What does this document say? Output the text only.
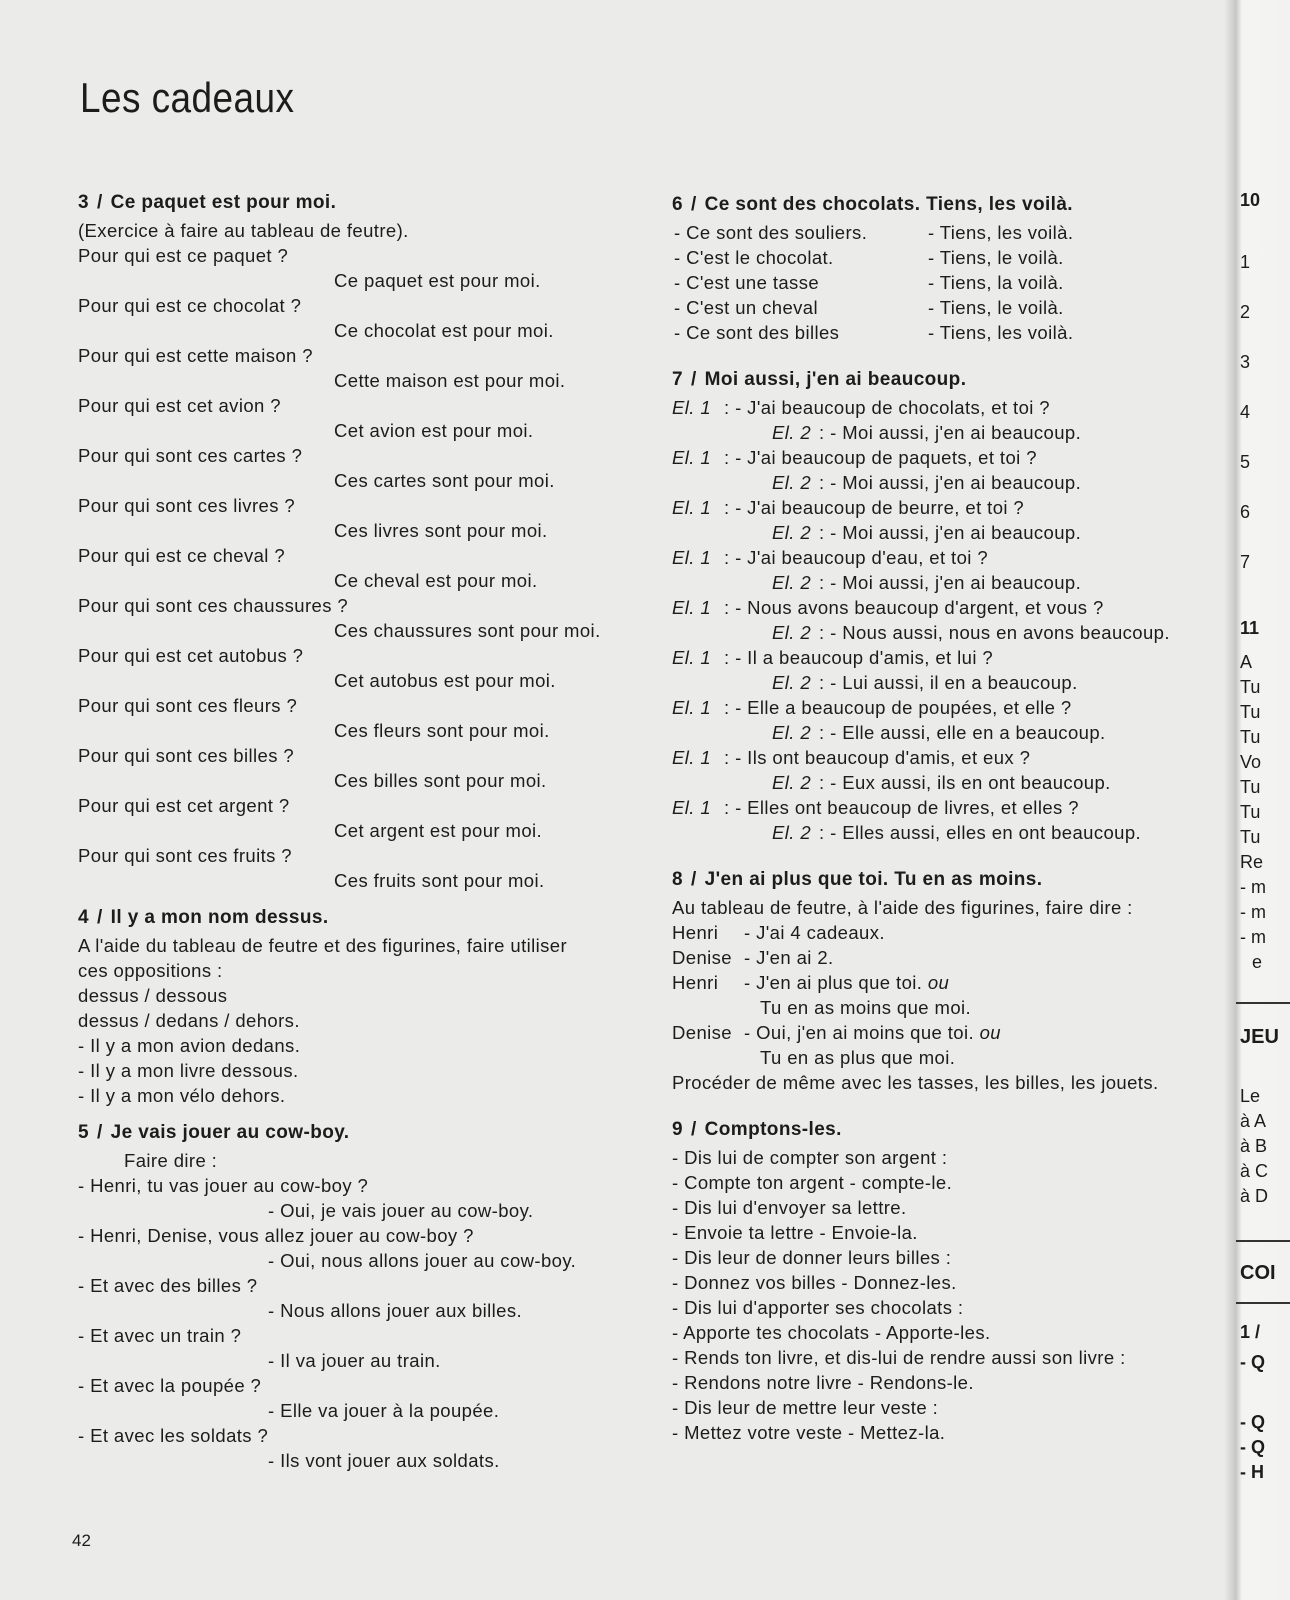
Les cadeaux
3 / Ce paquet est pour moi.
(Exercice à faire au tableau de feutre).
Pour qui est ce paquet ?
Ce paquet est pour moi.
Pour qui est ce chocolat ?
Ce chocolat est pour moi.
Pour qui est cette maison ?
Cette maison est pour moi.
Pour qui est cet avion ?
Cet avion est pour moi.
Pour qui sont ces cartes ?
Ces cartes sont pour moi.
Pour qui sont ces livres ?
Ces livres sont pour moi.
Pour qui est ce cheval ?
Ce cheval est pour moi.
Pour qui sont ces chaussures ?
Ces chaussures sont pour moi.
Pour qui est cet autobus ?
Cet autobus est pour moi.
Pour qui sont ces fleurs ?
Ces fleurs sont pour moi.
Pour qui sont ces billes ?
Ces billes sont pour moi.
Pour qui est cet argent ?
Cet argent est pour moi.
Pour qui sont ces fruits ?
Ces fruits sont pour moi.
4 / Il y a mon nom dessus.
A l'aide du tableau de feutre et des figurines, faire utiliser
ces oppositions :
dessus / dessous
dessus / dedans / dehors.
- Il y a mon avion dedans.
- Il y a mon livre dessous.
- Il y a mon vélo dehors.
5 / Je vais jouer au cow-boy.
Faire dire :
- Henri, tu vas jouer au cow-boy ?
- Oui, je vais jouer au cow-boy.
- Henri, Denise, vous allez jouer au cow-boy ?
- Oui, nous allons jouer au cow-boy.
- Et avec des billes ?
- Nous allons jouer aux billes.
- Et avec un train ?
- Il va jouer au train.
- Et avec la poupée ?
- Elle va jouer à la poupée.
- Et avec les soldats ?
- Ils vont jouer aux soldats.
6 / Ce sont des chocolats. Tiens, les voilà.
- Ce sont des souliers.	- Tiens, les voilà.
- C'est le chocolat.	- Tiens, le voilà.
- C'est une tasse	- Tiens, la voilà.
- C'est un cheval	- Tiens, le voilà.
- Ce sont des billes	- Tiens, les voilà.
7 / Moi aussi, j'en ai beaucoup.
El. 1 : - J'ai beaucoup de chocolats, et toi ?
El. 2 : - Moi aussi, j'en ai beaucoup.
El. 1 : - J'ai beaucoup de paquets, et toi ?
El. 2 : - Moi aussi, j'en ai beaucoup.
El. 1 : - J'ai beaucoup de beurre, et toi ?
El. 2 : - Moi aussi, j'en ai beaucoup.
El. 1 : - J'ai beaucoup d'eau, et toi ?
El. 2 : - Moi aussi, j'en ai beaucoup.
El. 1 : - Nous avons beaucoup d'argent, et vous ?
El. 2 : - Nous aussi, nous en avons beaucoup.
El. 1 : - Il a beaucoup d'amis, et lui ?
El. 2 : - Lui aussi, il en a beaucoup.
El. 1 : - Elle a beaucoup de poupées, et elle ?
El. 2 : - Elle aussi, elle en a beaucoup.
El. 1 : - Ils ont beaucoup d'amis, et eux ?
El. 2 : - Eux aussi, ils en ont beaucoup.
El. 1 : - Elles ont beaucoup de livres, et elles ?
El. 2 : - Elles aussi, elles en ont beaucoup.
8 / J'en ai plus que toi. Tu en as moins.
Au tableau de feutre, à l'aide des figurines, faire dire :
Henri	- J'ai 4 cadeaux.
Denise - J'en ai 2.
Henri	- J'en ai plus que toi.
ou
Tu en as moins que moi.
Denise - Oui, j'en ai moins que toi.
ou
Tu en as plus que moi.
Procéder de même avec les tasses, les billes, les jouets.
9 / Comptons-les.
- Dis lui de compter son argent :
- Compte ton argent - compte-le.
- Dis lui d'envoyer sa lettre.
- Envoie ta lettre - Envoie-la.
- Dis leur de donner leurs billes :
- Donnez vos billes - Donnez-les.
- Dis lui d'apporter ses chocolats :
- Apporte tes chocolats - Apporte-les.
- Rends ton livre, et dis-lui de rendre aussi son livre :
- Rendons notre livre - Rendons-le.
- Dis leur de mettre leur veste :
- Mettez votre veste - Mettez-la.
42
10
1
2
3
4
5
6
7
11
A
Tu
Tu
Tu
Vo
Tu
Tu
Tu
Re
- m
- m
- m
e
JEU
Le
à A
à B
à C
à D
COI
1 /
- Q
- Q
- Q
- H
